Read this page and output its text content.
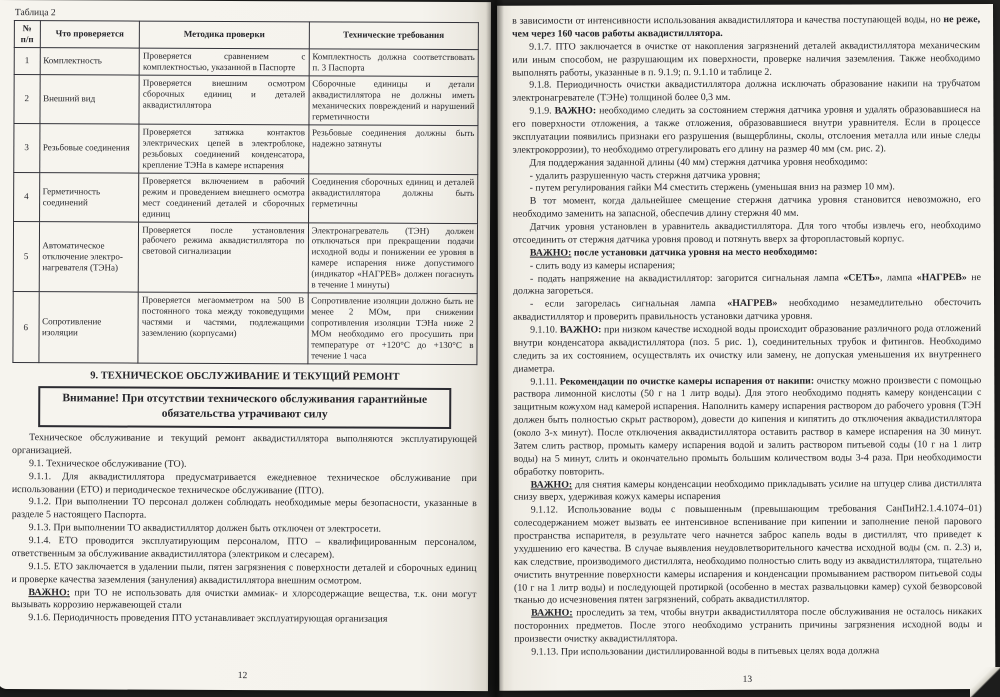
Таблица 2

№ п/п	Что проверяется	Методика проверки	Технические требования
1	Комплектность	Проверяется сравнением с комплектностью, указанной в Паспорте	Комплектность должна соответствовать п. 3 Паспорта
2	Внешний вид	Проверяется внешним осмотром сборочных единиц и деталей аквадистиллятора	Сборочные единицы и детали аквадистиллятора не должны иметь механических повреждений и нарушений герметичности
3	Резьбовые соединения	Проверяется затяжка контактов электрических цепей в электроблоке, резьбовых соединений конденсатора, крепление ТЭНа в камере испарения	Резьбовые соединения должны быть надежно затянуты
4	Герметичность соединений	Проверяется включением в рабочий режим и проведением внешнего осмотра мест соединений деталей и сборочных единиц	Соединения сборочных единиц и деталей аквадистиллятора должны быть герметичны
5	Автоматическое отключение электро-нагревателя (ТЭНа)	Проверяется после установления рабочего режима аквадистиллятора по световой сигнализации	Электронагреватель (ТЭН) должен отключаться при прекращении подачи исходной воды и понижении ее уровня в камере испарения ниже допустимого (индикатор «НАГРЕВ» должен погаснуть в течение 1 минуты)
6	Сопротивление изоляции	Проверяется мегаомметром на 500 В постоянного тока между токоведущими частями и частями, подлежащими заземлению (корпусами)	Сопротивление изоляции должно быть не менее 2 МОм, при снижении сопротивления изоляции ТЭНа ниже 2 МОм необходимо его просушить при температуре от +120°С до +130°С в течение 1 часа
9. ТЕХНИЧЕСКОЕ ОБСЛУЖИВАНИЕ И ТЕКУЩИЙ РЕМОНТ
Внимание! При отсутствии технического обслуживания гарантийные обязательства утрачивают силу

Техническое обслуживание и текущий ремонт аквадистиллятора выполняются эксплуатирующей организацией.

9.1. Техническое обслуживание (ТО).

9.1.1. Для аквадистиллятора предусматривается ежедневное техническое обслуживание при использовании (ЕТО) и периодическое техническое обслуживание (ПТО).

9.1.2. При выполнении ТО персонал должен соблюдать необходимые меры безопасности, указанные в разделе 5 настоящего Паспорта.

9.1.3. При выполнении ТО аквадистиллятор должен быть отключен от электросети.

9.1.4. ЕТО проводится эксплуатирующим персоналом, ПТО – квалифицированным персоналом, ответственным за обслуживание аквадистиллятора (электриком и слесарем).

9.1.5. ЕТО заключается в удалении пыли, пятен загрязнения с поверхности деталей и сборочных единиц и проверке качества заземления (зануления) аквадистиллятора внешним осмотром.

ВАЖНО: при ТО не использовать для очистки аммиак- и хлорсодержащие вещества, т.к. они могут вызывать коррозию нержавеющей стали

9.1.6. Периодичность проведения ПТО устанавливает эксплуатирующая организация

12

в зависимости от интенсивности использования аквадистиллятора и качества поступающей воды, но не реже, чем через 160 часов работы аквадистиллятора.

9.1.7. ПТО заключается в очистке от накопления загрязнений деталей аквадистиллятора механическим или иным способом, не разрушающим их поверхности, проверке наличия заземления. Также необходимо выполнять работы, указанные в п. 9.1.9; п. 9.1.10 и таблице 2.

9.1.8. Периодичность очистки аквадистиллятора должна исключать образование накипи на трубчатом электронагревателе (ТЭНе) толщиной более 0,3 мм.

9.1.9. ВАЖНО: необходимо следить за состоянием стержня датчика уровня и удалять образовавшиеся на его поверхности отложения, а также отложения, образовавшиеся внутри уравнителя. Если в процессе эксплуатации появились признаки его разрушения (выщерблины, сколы, отслоения металла или иные следы электрокоррозии), то необходимо отрегулировать его длину на размер 40 мм (см. рис. 2).

Для поддержания заданной длины (40 мм) стержня датчика уровня необходимо:

- удалить разрушенную часть стержня датчика уровня;

- путем регулирования гайки М4 сместить стержень (уменьшая вниз на размер 10 мм).

В тот момент, когда дальнейшее смещение стержня датчика уровня становится невозможно, его необходимо заменить на запасной, обеспечив длину стержня 40 мм.

Датчик уровня установлен в уравнитель аквадистиллятора. Для того чтобы извлечь его, необходимо отсоединить от стержня датчика уровня провод и потянуть вверх за фторопластовый корпус.

ВАЖНО: после установки датчика уровня на место необходимо:

- слить воду из камеры испарения;

- подать напряжение на аквадистиллятор: загорится сигнальная лампа «СЕТЬ», лампа «НАГРЕВ» не должна загореться.

- если загорелась сигнальная лампа «НАГРЕВ» необходимо незамедлительно обесточить аквадистиллятор и проверить правильность установки датчика уровня.

9.1.10. ВАЖНО: при низком качестве исходной воды происходит образование различного рода отложений внутри конденсатора аквадистиллятора (поз. 5 рис. 1), соединительных трубок и фитингов. Необходимо следить за их состоянием, осуществлять их очистку или замену, не допуская уменьшения их внутреннего диаметра.

9.1.11. Рекомендации по очистке камеры испарения от накипи: очистку можно произвести с помощью раствора лимонной кислоты (50 г на 1 литр воды). Для этого необходимо поднять камеру конденсации с защитным кожухом над камерой испарения. Наполнить камеру испарения раствором до рабочего уровня (ТЭН должен быть полностью скрыт раствором), довести до кипения и кипятить до отключения аквадистиллятора (около 3-х минут). После отключения аквадистиллятора оставить раствор в камере испарения на 30 минут. Затем слить раствор, промыть камеру испарения водой и залить раствором питьевой соды (10 г на 1 литр воды) на 5 минут, слить и окончательно промыть большим количеством воды 3-4 раза. При необходимости обработку повторить.

ВАЖНО: для снятия камеры конденсации необходимо прикладывать усилие на штуцер слива дистиллята снизу вверх, удерживая кожух камеры испарения

9.1.12. Использование воды с повышенным (превышающим требования СанПиН2.1.4.1074–01) солесодержанием может вызвать ее интенсивное вспенивание при кипении и заполнение пеной парового пространства испарителя, в результате чего начнется заброс капель воды в дистиллят, что приведет к ухудшению его качества. В случае выявления неудовлетворительного качества исходной воды (см. п. 2.3) и, как следствие, производимого дистиллята, необходимо полностью слить воду из аквадистиллятора, тщательно очистить внутренние поверхности камеры испарения и конденсации промыванием раствором питьевой соды (10 г на 1 литр воды) и последующей протиркой (особенно в местах развальцовки камер) сухой безворсовой тканью до исчезновения пятен загрязнений, собрать аквадистиллятор.

ВАЖНО: проследить за тем, чтобы внутри аквадистиллятора после обслуживания не осталось никаких посторонних предметов. После этого необходимо устранить причины загрязнения исходной воды и произвести очистку аквадистиллятора.

9.1.13. При использовании дистиллированной воды в питьевых целях вода должна

13
